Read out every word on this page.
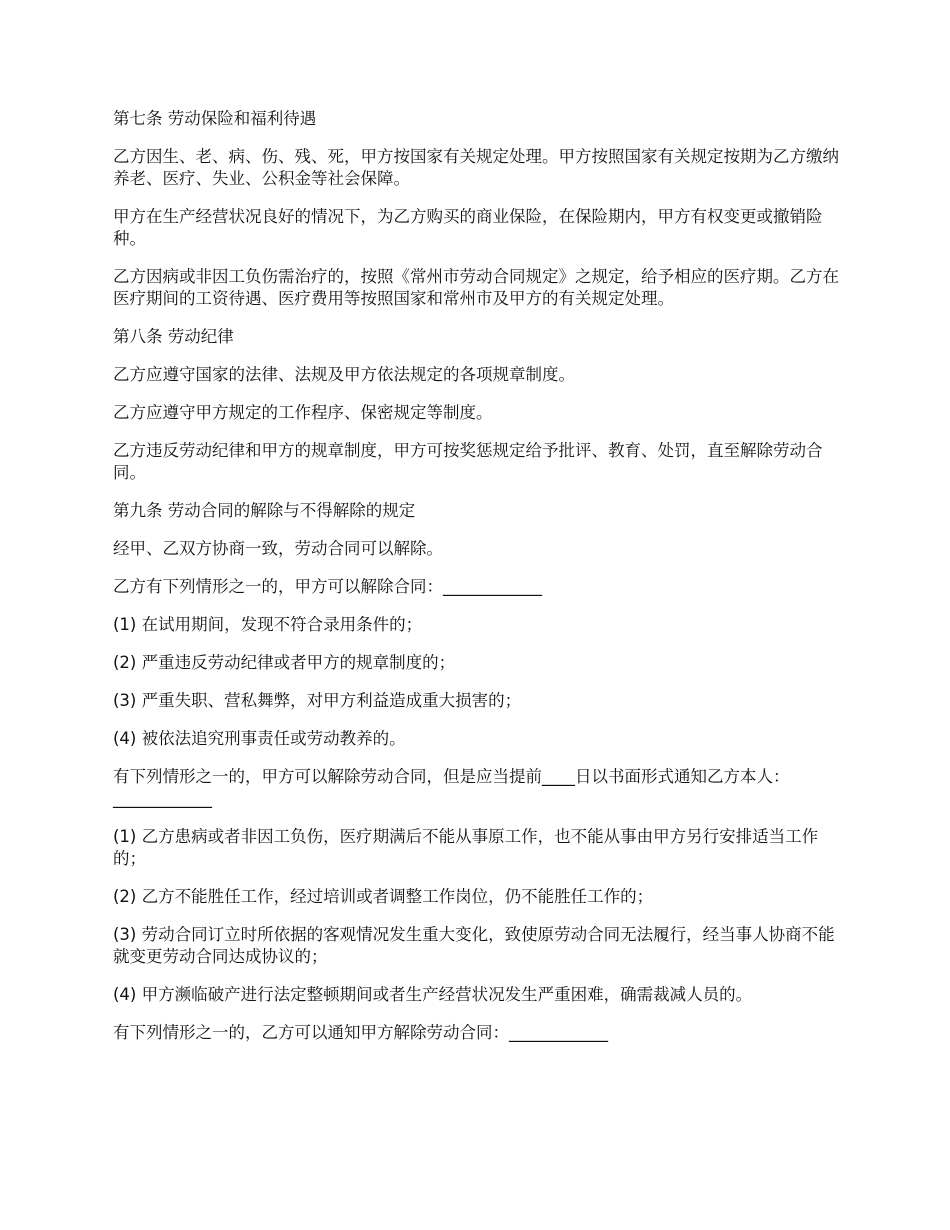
第七条 劳动保险和福利待遇

乙方因生、老、病、伤、残、死，甲方按国家有关规定处理。甲方按照国家有关规定按期为乙方缴纳养老、医疗、失业、公积金等社会保障。

甲方在生产经营状况良好的情况下，为乙方购买的商业保险，在保险期内，甲方有权变更或撤销险种。

乙方因病或非因工负伤需治疗的，按照《常州市劳动合同规定》之规定，给予相应的医疗期。乙方在医疗期间的工资待遇、医疗费用等按照国家和常州市及甲方的有关规定处理。

第八条 劳动纪律

乙方应遵守国家的法律、法规及甲方依法规定的各项规章制度。

乙方应遵守甲方规定的工作程序、保密规定等制度。

乙方违反劳动纪律和甲方的规章制度，甲方可按奖惩规定给予批评、教育、处罚，直至解除劳动合同。

第九条 劳动合同的解除与不得解除的规定

经甲、乙双方协商一致，劳动合同可以解除。

乙方有下列情形之一的，甲方可以解除合同：____________

(1) 在试用期间，发现不符合录用条件的；

(2) 严重违反劳动纪律或者甲方的规章制度的；

(3) 严重失职、营私舞弊，对甲方利益造成重大损害的；

(4) 被依法追究刑事责任或劳动教养的。

有下列情形之一的，甲方可以解除劳动合同，但是应当提前____日以书面形式通知乙方本人：____________

(1) 乙方患病或者非因工负伤，医疗期满后不能从事原工作，也不能从事由甲方另行安排适当工作的；

(2) 乙方不能胜任工作，经过培训或者调整工作岗位，仍不能胜任工作的；

(3) 劳动合同订立时所依据的客观情况发生重大变化，致使原劳动合同无法履行，经当事人协商不能就变更劳动合同达成协议的；

(4) 甲方濒临破产进行法定整顿期间或者生产经营状况发生严重困难，确需裁减人员的。

有下列情形之一的，乙方可以通知甲方解除劳动合同：____________
